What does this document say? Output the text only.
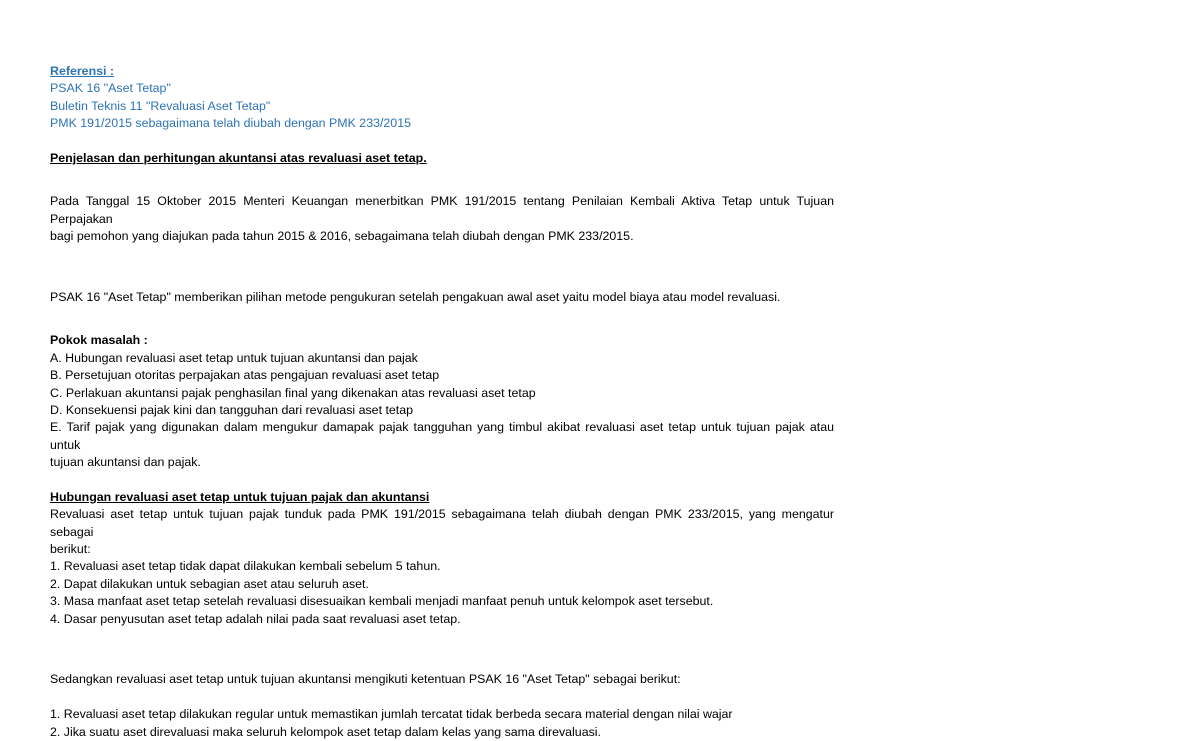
Referensi :
PSAK 16 "Aset Tetap"
Buletin Teknis 11 "Revaluasi Aset Tetap"
PMK 191/2015 sebagaimana telah diubah dengan PMK 233/2015
Penjelasan dan perhitungan akuntansi atas revaluasi aset tetap.
Pada Tanggal 15 Oktober 2015 Menteri Keuangan menerbitkan PMK 191/2015 tentang Penilaian Kembali Aktiva Tetap untuk Tujuan Perpajakan
bagi pemohon yang diajukan pada tahun 2015 & 2016, sebagaimana telah diubah dengan PMK 233/2015.
PSAK 16 "Aset Tetap" memberikan pilihan metode pengukuran setelah pengakuan awal aset yaitu model biaya atau model revaluasi.
Pokok masalah :
A. Hubungan revaluasi aset tetap untuk tujuan akuntansi dan pajak
B. Persetujuan otoritas perpajakan atas pengajuan revaluasi aset tetap
C. Perlakuan akuntansi pajak penghasilan final yang dikenakan atas revaluasi aset tetap
D. Konsekuensi pajak kini dan tangguhan dari revaluasi aset tetap
E. Tarif pajak yang digunakan dalam mengukur damapak pajak tangguhan yang timbul akibat revaluasi aset tetap untuk tujuan pajak atau untuk
tujuan akuntansi dan pajak.
Hubungan revaluasi aset tetap untuk tujuan pajak dan akuntansi
Revaluasi aset tetap untuk tujuan pajak tunduk pada PMK 191/2015 sebagaimana telah diubah dengan PMK 233/2015, yang mengatur sebagai
berikut:
1. Revaluasi aset tetap tidak dapat dilakukan kembali sebelum 5 tahun.
2. Dapat dilakukan untuk sebagian aset atau seluruh aset.
3. Masa manfaat aset tetap setelah revaluasi disesuaikan kembali menjadi manfaat penuh untuk kelompok aset tersebut.
4. Dasar penyusutan aset tetap adalah nilai pada saat revaluasi aset tetap.
Sedangkan revaluasi aset tetap untuk tujuan akuntansi mengikuti ketentuan PSAK 16 "Aset Tetap" sebagai berikut:
1. Revaluasi aset tetap dilakukan regular untuk memastikan jumlah tercatat tidak berbeda secara material dengan nilai wajar
2. Jika suatu aset direvaluasi maka seluruh kelompok aset tetap dalam kelas yang sama direvaluasi.
